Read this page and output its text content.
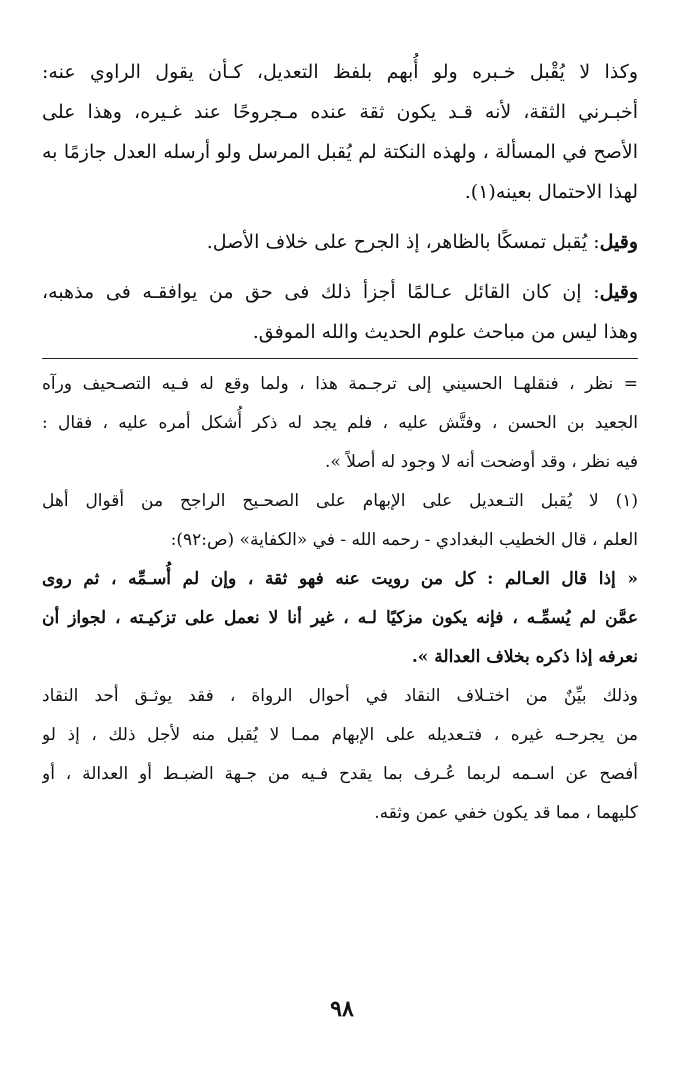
وكذا لا يُقْبل خـبره ولو أُبهم بلفظ التعديل، كـأن يقول الراوي عنه:
أخبـرني الثقة، لأنه قـد يكون ثقة عنده مـجروحًا عند غـيره، وهذا على
الأصح في المسألة ، ولهذه النكتة لم يُقبل المرسل ولو أرسله العدل جازمًا به
لهذا الاحتمال بعينه(١).
وقيل: يُقبل تمسكًا بالظاهر، إذ الجرح على خلاف الأصل.
وقيل: إن كان القائل عـالمًا أجزأ ذلك فى حق من يوافقـه فى مذهبه،
وهذا ليس من مباحث علوم الحديث والله الموفق.
= نظر ، فنقلهـا الحسيني إلى ترجـمة هذا ، ولما وقع له فـيه التصـحيف ورآه
الجعيد بن الحسن ، وفتَّش عليه ، فلم يجد له ذكر أُشكل أمره عليه ، فقال :
فيه نظر ، وقد أوضحت أنه لا وجود له أصلاً ».
(١) لا يُقبل التـعديل على الإبهام على الصحـيح الراجح من أقوال أهل
العلم ، قال الخطيب البغدادي - رحمه الله - في «الكفاية» (ص:٩٢):
« إذا قال العـالم : كل من رويت عنه فهو ثقة ، وإن لم أُسـمِّه ، ثم روى
عمَّن لم يُسمِّـه ، فإنه يكون مزكيًا لـه ، غير أنا لا نعمل على تزكيـته ، لجواز أن
نعرفه إذا ذكره بخلاف العدالة ».
وذلك بيِّنٌ من اختـلاف النقاد في أحوال الرواة ، فقد يوثـق أحد النقاد
من يجرحـه غيره ، فتـعديله على الإبهام ممـا لا يُقبل منه لأجل ذلك ، إذ لو
أفصح عن اسـمه لربما عُـرف بما يقدح فـيه من جـهة الضبـط أو العدالة ، أو
كليهما ، مما قد يكون خفي عمن وثقه.
٩٨
